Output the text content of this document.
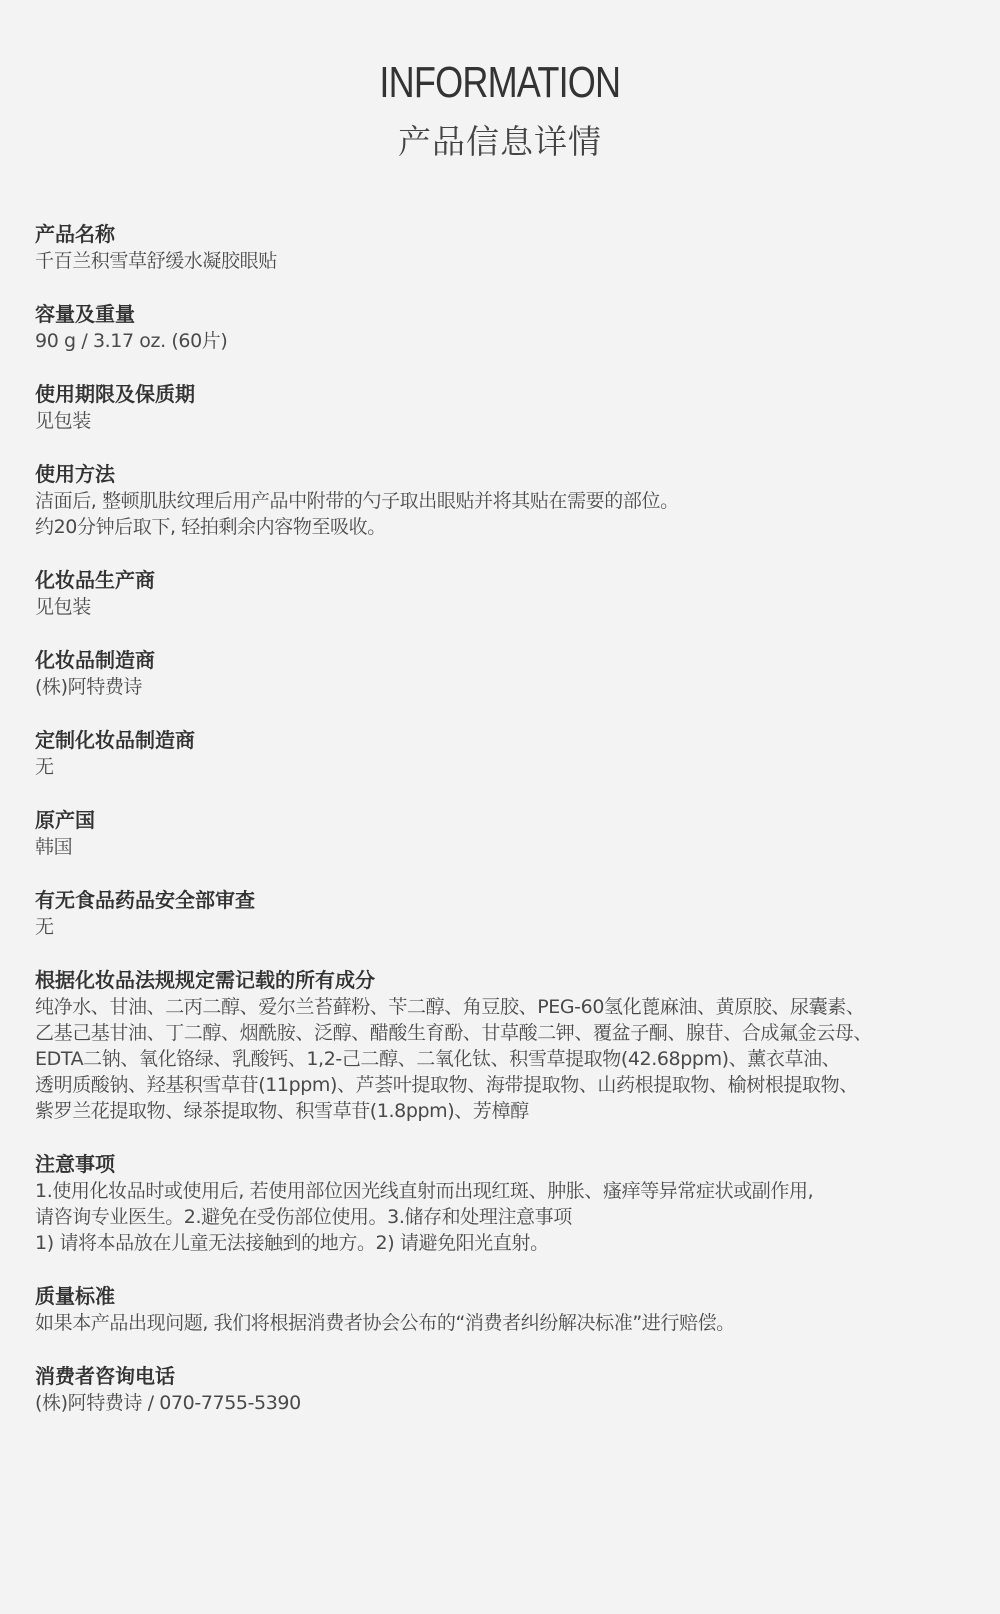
INFORMATION
产品信息详情
产品名称
千百兰积雪草舒缓水凝胶眼贴
容量及重量
90 g / 3.17 oz. (60片)
使用期限及保质期
见包装
使用方法
洁面后, 整顿肌肤纹理后用产品中附带的勺子取出眼贴并将其贴在需要的部位。
约20分钟后取下, 轻拍剩余内容物至吸收。
化妆品生产商
见包装
化妆品制造商
(株)阿特费诗
定制化妆品制造商
无
原产国
韩国
有无食品药品安全部审查
无
根据化妆品法规规定需记载的所有成分
纯净水、甘油、二丙二醇、爱尔兰苔藓粉、苄二醇、角豆胶、PEG-60氢化蓖麻油、黄原胶、尿囊素、
乙基己基甘油、丁二醇、烟酰胺、泛醇、醋酸生育酚、甘草酸二钾、覆盆子酮、腺苷、合成氟金云母、
EDTA二钠、氧化铬绿、乳酸钙、1,2-己二醇、二氧化钛、积雪草提取物(42.68ppm)、薰衣草油、
透明质酸钠、羟基积雪草苷(11ppm)、芦荟叶提取物、海带提取物、山药根提取物、榆树根提取物、
紫罗兰花提取物、绿茶提取物、积雪草苷(1.8ppm)、芳樟醇
注意事项
1.使用化妆品时或使用后, 若使用部位因光线直射而出现红斑、肿胀、瘙痒等异常症状或副作用,
请咨询专业医生。2.避免在受伤部位使用。3.储存和处理注意事项
1) 请将本品放在儿童无法接触到的地方。2) 请避免阳光直射。
质量标准
如果本产品出现问题, 我们将根据消费者协会公布的“消费者纠纷解决标准”进行赔偿。
消费者咨询电话
(株)阿特费诗 / 070-7755-5390
